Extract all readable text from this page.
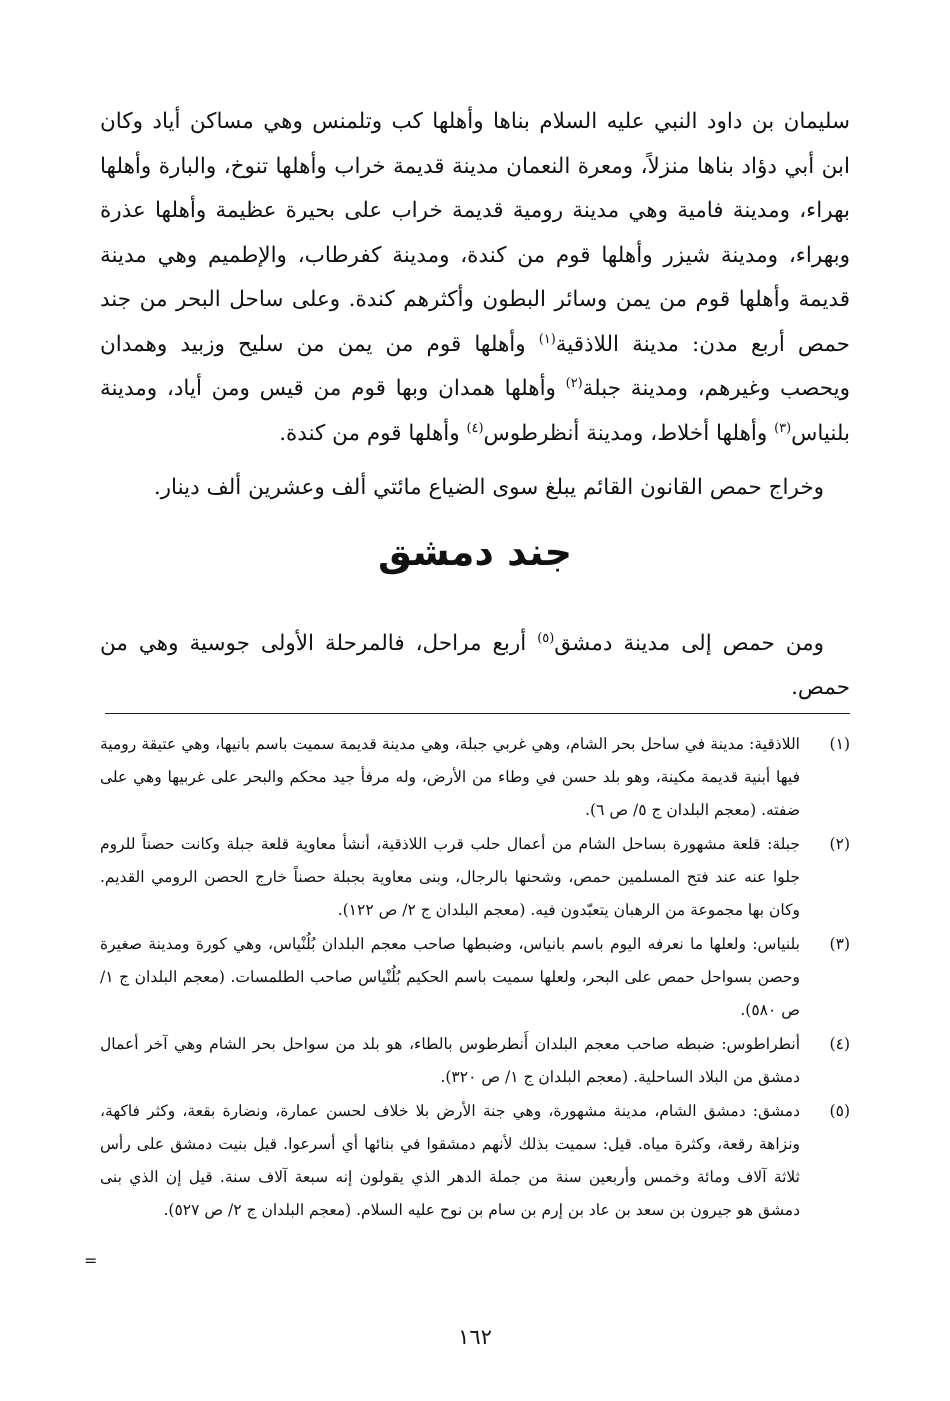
سليمان بن داود النبي عليه السلام بناها وأهلها كب وتلمنس وهي مساكن أياد وكان ابن أبي دؤاد بناها منزلاً، ومعرة النعمان مدينة قديمة خراب وأهلها تنوخ، والبارة وأهلها بهراء، ومدينة فامية وهي مدينة رومية قديمة خراب على بحيرة عظيمة وأهلها عذرة وبهراء، ومدينة شيزر وأهلها قوم من كندة، ومدينة كفرطاب، والإطميم وهي مدينة قديمة وأهلها قوم من يمن وسائر البطون وأكثرهم كندة. وعلى ساحل البحر من جند حمص أربع مدن: مدينة اللاذقية$^{(١)}$ وأهلها قوم من يمن من سليح وزبيد وهمدان ويحصب وغيرهم، ومدينة جبلة$^{(٢)}$ وأهلها همدان وبها قوم من قيس ومن أياد، ومدينة بلنياس$^{(٣)}$ وأهلها أخلاط، ومدينة أنظرطوس$^{(٤)}$ وأهلها قوم من كندة.

وخراج حمص القانون القائم يبلغ سوى الضياع مائتي ألف وعشرين ألف دينار.

جند دمشق

ومن حمص إلى مدينة دمشق$^{(٥)}$ أربع مراحل، فالمرحلة الأولى جوسية وهي من حمص.

(١)
اللاذقية: مدينة في ساحل بحر الشام، وهي غربي جبلة، وهي مدينة قديمة سميت باسم بانيها، وهي عتيقة رومية فيها أبنية قديمة مكينة، وهو بلد حسن في وطاء من الأرض، وله مرفأ جيد محكم والبحر على غربيها وهي على ضفته. (معجم البلدان ج ٥/ ص ٦).
(٢)
جبلة: قلعة مشهورة بساحل الشام من أعمال حلب قرب اللاذقية، أنشأ معاوية قلعة جبلة وكانت حصناً للروم جلوا عنه عند فتح المسلمين حمص، وشحنها بالرجال، وبنى معاوية بجبلة حصناً خارج الحصن الرومي القديم. وكان بها مجموعة من الرهبان يتعبّدون فيه. (معجم البلدان ج ٢/ ص ١٢٢).
(٣)
بلنياس: ولعلها ما نعرفه اليوم باسم بانياس، وضبطها صاحب معجم البلدان بُلُنْياس، وهي كورة ومدينة صغيرة وحصن بسواحل حمص على البحر، ولعلها سميت باسم الحكيم بُلُنْياس صاحب الطلمسات. (معجم البلدان ج ١/ ص ٥٨٠).
(٤)
أنطراطوس: ضبطه صاحب معجم البلدان أَنطرطوس بالطاء، هو بلد من سواحل بحر الشام وهي آخر أعمال دمشق من البلاد الساحلية. (معجم البلدان ج ١/ ص ٣٢٠).
(٥)
دمشق: دمشق الشام، مدينة مشهورة، وهي جنة الأرض بلا خلاف لحسن عمارة، ونضارة بقعة، وكثر فاكهة، ونزاهة رقعة، وكثرة مياه. قيل: سميت بذلك لأنهم دمشقوا في بنائها أي أسرعوا. قيل بنيت دمشق على رأس ثلاثة آلاف ومائة وخمس وأربعين سنة من جملة الدهر الذي يقولون إنه سبعة آلاف سنة. قيل إن الذي بنى دمشق هو جيرون بن سعد بن عاد بن إرم بن سام بن نوح عليه السلام. (معجم البلدان ج ٢/ ص ٥٢٧).
=
١٦٢
